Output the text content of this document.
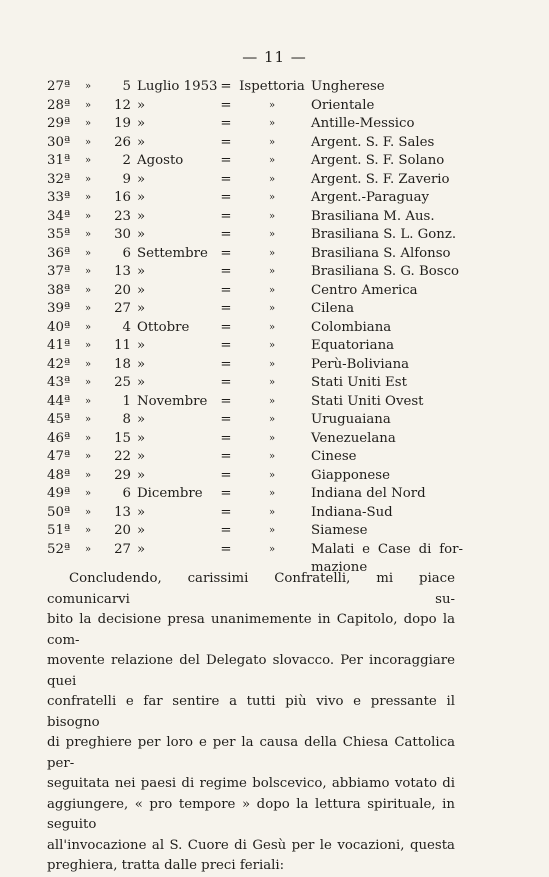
— 11 —
27ª »	5 Luglio 1953 = Ispettoria Ungherese
28ª »	12 »	=	»	Orientale
29ª »	19 »	=	»	Antille-Messico
30ª »	26 »	=	»	Argent. S. F. Sales
31ª »	2 Agosto	=	»	Argent. S. F. Solano
32ª »	9 »	=	»	Argent. S. F. Zaverio
33ª »	16 »	=	»	Argent.-Paraguay
34ª »	23 »	=	»	Brasiliana M. Aus.
35ª »	30 »	=	»	Brasiliana S. L. Gonz.
36ª »	6 Settembre =	»	Brasiliana S. Alfonso
37ª »	13 »	=	»	Brasiliana S. G. Bosco
38ª »	20 »	=	»	Centro America
39ª »	27 »	=	»	Cilena
40ª »	4 Ottobre	=	»	Colombiana
41ª »	11 »	=	»	Equatoriana
42ª »	18 »	=	»	Perù-Boliviana
43ª »	25 »	=	»	Stati Uniti Est
44ª »	1 Novembre =	»	Stati Uniti Ovest
45ª »	8 »	=	»	Uruguaiana
46ª »	15 »	=	»	Venezuelana
47ª »	22 »	=	»	Cinese
48ª »	29 »	=	»	Giapponese
49ª »	6 Dicembre	=	»	Indiana del Nord
50ª »	13 »	=	»	Indiana-Sud
51ª »	20 »	=	»	Siamese
52ª »	27 »	=	»	Malati e Case di for-
mazione

Concludendo, carissimi Confratelli, mi piace comunicarvi su-
bito la decisione presa unanimemente in Capitolo, dopo la com-
movente relazione del Delegato slovacco. Per incoraggiare quei
confratelli e far sentire a tutti più vivo e pressante il bisogno
di preghiere per loro e per la causa della Chiesa Cattolica per-
seguitata nei paesi di regime bolscevico, abbiamo votato di
aggiungere, « pro tempore » dopo la lettura spirituale, in seguito
all'invocazione al S. Cuore di Gesù per le vocazioni, questa
preghiera, tratta dalle preci feriali:
